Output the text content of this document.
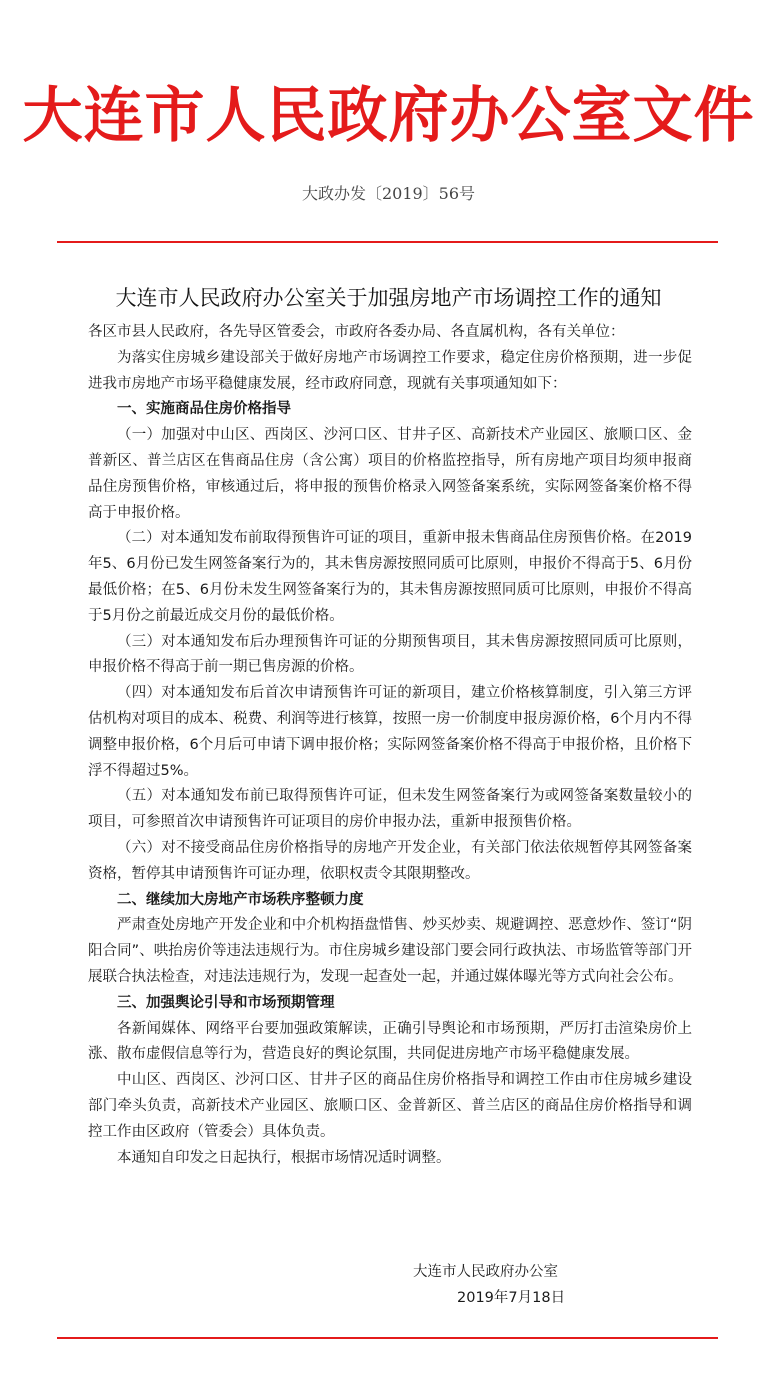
大连市人民政府办公室文件
大政办发〔2019〕56号
大连市人民政府办公室关于加强房地产市场调控工作的通知

各区市县人民政府，各先导区管委会，市政府各委办局、各直属机构，各有关单位：

为落实住房城乡建设部关于做好房地产市场调控工作要求，稳定住房价格预期，进一步促进我市房地产市场平稳健康发展，经市政府同意，现就有关事项通知如下：

一、实施商品住房价格指导

（一）加强对中山区、西岗区、沙河口区、甘井子区、高新技术产业园区、旅顺口区、金普新区、普兰店区在售商品住房（含公寓）项目的价格监控指导，所有房地产项目均须申报商品住房预售价格，审核通过后，将申报的预售价格录入网签备案系统，实际网签备案价格不得高于申报价格。

（二）对本通知发布前取得预售许可证的项目，重新申报未售商品住房预售价格。在2019年5、6月份已发生网签备案行为的，其未售房源按照同质可比原则，申报价不得高于5、6月份最低价格；在5、6月份未发生网签备案行为的，其未售房源按照同质可比原则，申报价不得高于5月份之前最近成交月份的最低价格。

（三）对本通知发布后办理预售许可证的分期预售项目，其未售房源按照同质可比原则，申报价格不得高于前一期已售房源的价格。

（四）对本通知发布后首次申请预售许可证的新项目，建立价格核算制度，引入第三方评估机构对项目的成本、税费、利润等进行核算，按照一房一价制度申报房源价格，6个月内不得调整申报价格，6个月后可申请下调申报价格；实际网签备案价格不得高于申报价格，且价格下浮不得超过5%。

（五）对本通知发布前已取得预售许可证，但未发生网签备案行为或网签备案数量较小的项目，可参照首次申请预售许可证项目的房价申报办法，重新申报预售价格。

（六）对不接受商品住房价格指导的房地产开发企业，有关部门依法依规暂停其网签备案资格，暂停其申请预售许可证办理，依职权责令其限期整改。

二、继续加大房地产市场秩序整顿力度

严肃查处房地产开发企业和中介机构捂盘惜售、炒买炒卖、规避调控、恶意炒作、签订“阴阳合同”、哄抬房价等违法违规行为。市住房城乡建设部门要会同行政执法、市场监管等部门开展联合执法检查，对违法违规行为，发现一起查处一起，并通过媒体曝光等方式向社会公布。

三、加强舆论引导和市场预期管理

各新闻媒体、网络平台要加强政策解读，正确引导舆论和市场预期，严厉打击渲染房价上涨、散布虚假信息等行为，营造良好的舆论氛围，共同促进房地产市场平稳健康发展。

中山区、西岗区、沙河口区、甘井子区的商品住房价格指导和调控工作由市住房城乡建设部门牵头负责，高新技术产业园区、旅顺口区、金普新区、普兰店区的商品住房价格指导和调控工作由区政府（管委会）具体负责。

本通知自印发之日起执行，根据市场情况适时调整。

大连市人民政府办公室
2019年7月18日
